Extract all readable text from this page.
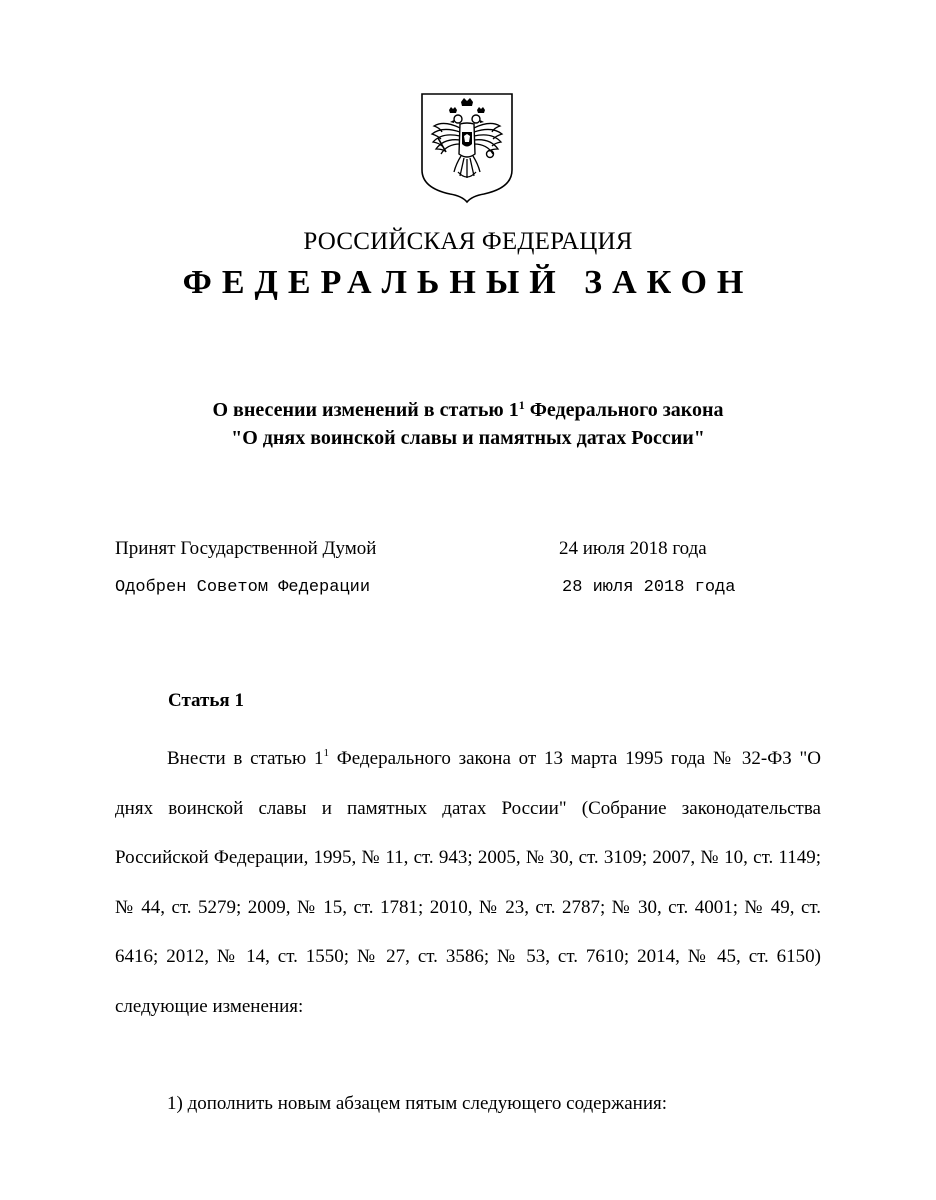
РОССИЙСКАЯ ФЕДЕРАЦИЯ
ФЕДЕРАЛЬНЫЙ ЗАКОН
О внесении изменений в статью $1^1$ Федерального закона
"О днях воинской славы и памятных датах России"
Принят Государственной Думой	24 июля 2018 года
Одобрен Советом Федерации	28 июля 2018 года
Статья 1

Внести в статью $1^1$ Федерального закона от 13 марта 1995 года № 32-ФЗ "О днях воинской славы и памятных датах России" (Собрание законодательства Российской Федерации, 1995, № 11, ст. 943; 2005, № 30, ст. 3109; 2007, № 10, ст. 1149; № 44, ст. 5279; 2009, № 15, ст. 1781; 2010, № 23, ст. 2787; № 30, ст. 4001; № 49, ст. 6416; 2012, № 14, ст. 1550; № 27, ст. 3586; № 53, ст. 7610; 2014, № 45, ст. 6150) следующие изменения:

1) дополнить новым абзацем пятым следующего содержания:
